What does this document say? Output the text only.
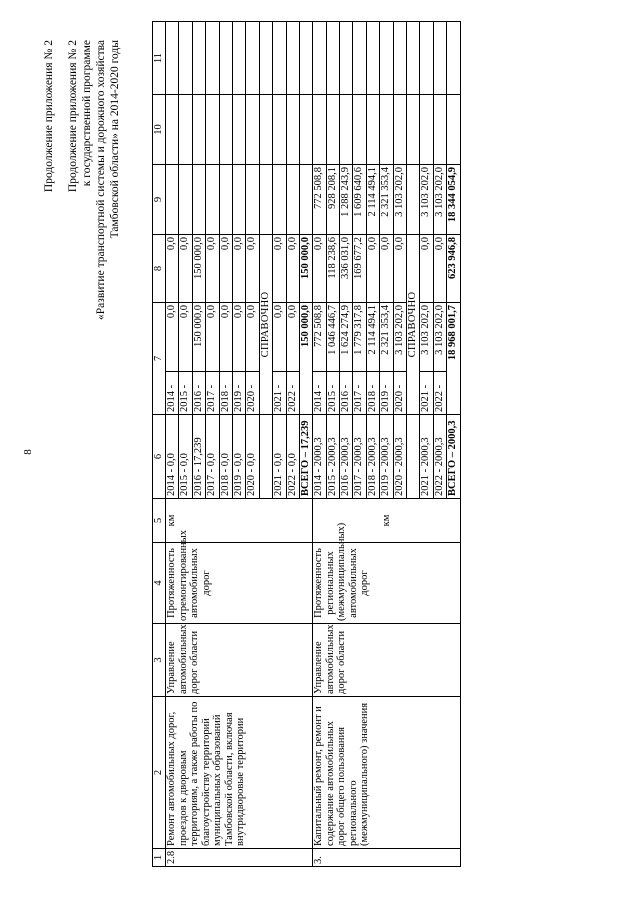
8
Продолжение приложения № 2 Продолжение приложения № 2 к государственной программе «Развитие транспортной системы и дорожного хозяйства Тамбовской области» на 2014-2020 годы
1	2	3	4	5	6	7		8	9	10	11	
2.8	Ремонт автомобильных дорог, проездов к дворовым территориям, а также работы по благоустройству территорий муниципальных образований Тамбовской области, включая внутридворовые территории	Управление автомобильных дорог области	Протяженность отремонтированных автомобильных дорог	км	2014 - 0,0	2014 -	0,0	0,0				
					2015 - 0,0	2015 -	0,0	0,0				
					2016 - 17,239	2016 -	150 000,0	150 000,0				
					2017 - 0,0	2017 -	0,0	0,0				
					2018 - 0,0	2018 -	0,0	0,0				
					2019 - 0,0	2019 -	0,0	0,0				
					2020 - 0,0	2020 -	0,0	0,0				
						СПРАВОЧНО						
					2021 - 0,0	2021 -	0,0	0,0				
					2022 - 0,0	2022 -	0,0	0,0				
					ВСЕГО – 17,239	150 000,0		150 000,0				
3.	Капитальный ремонт, ремонт и содержание автомобильных дорог общего пользования регионального (межмуниципального) значения	Управление автомобильных дорог области	Протяженность региональных (межмуниципальных) автомобильных дорог	км	2014 - 2000,3	2014 -	772 508,8	0,0	772 508,8			
					2015 - 2000,3	2015 -	1 046 446,7	118 238,6	928 208,1			
					2016 - 2000,3	2016 -	1 624 274,9	336 031,0	1 288 243,9			
					2017 - 2000,3	2017 -	1 779 317,8	169 677,2	1 609 640,6			
					2018 - 2000,3	2018 -	2 114 494,1	0,0	2 114 494,1			
					2019 - 2000,3	2019 -	2 321 353,4	0,0	2 321 353,4			
					2020 - 2000,3	2020 -	3 103 202,0	0,0	3 103 202,0			
						СПРАВОЧНО						
					2021 - 2000,3	2021 -	3 103 202,0	0,0	3 103 202,0			
					2022 - 2000,3	2022 -	3 103 202,0	0,0	3 103 202,0			
					ВСЕГО – 2000,3	18 968 001,7		623 946,8	18 344 054,9			
